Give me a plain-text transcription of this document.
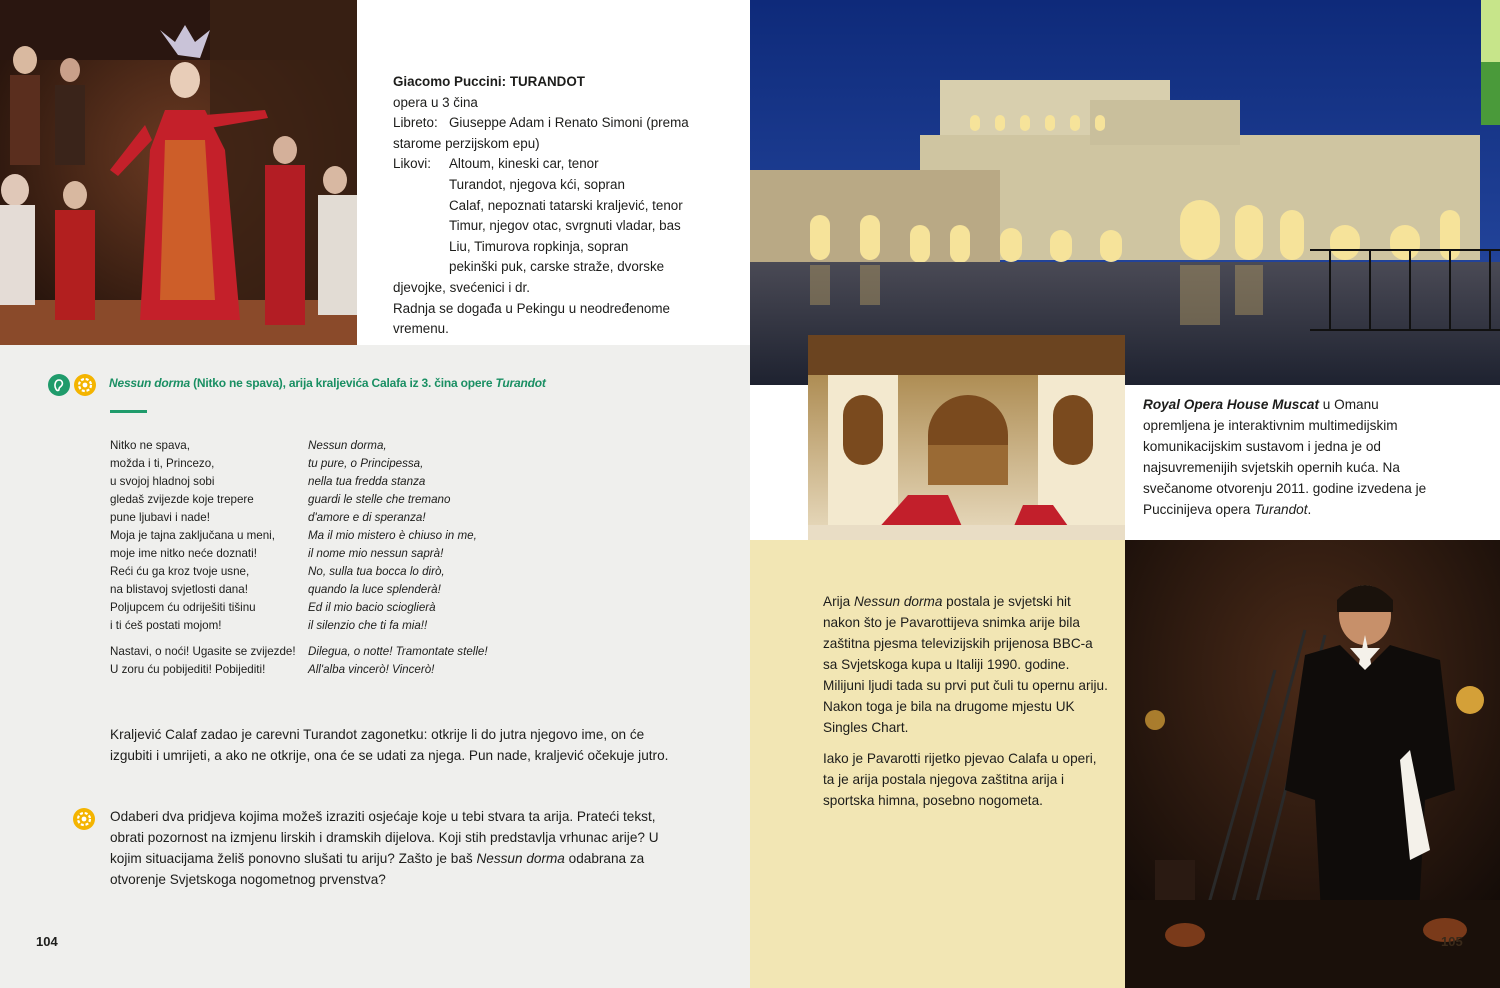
Giacomo Puccini: TURANDOT
opera u 3 čina
Libreto: Giuseppe Adam i Renato Simoni (prema
starome perzijskom epu)
Likovi:	Altoum, kineski car, tenor
Turandot, njegova kći, sopran
Calaf, nepoznati tatarski kraljević, tenor
Timur, njegov otac, svrgnuti vladar, bas
Liu, Timurova ropkinja, sopran
pekinški puk, carske straže, dvorske
djevojke, svećenici i dr.
Radnja se događa u Pekingu u neodređenome
vremenu.
Nessun dorma (Nitko ne spava), arija kraljevića Calafa iz 3. čina opere Turandot
Nitko ne spava,
možda i ti, Princezo,
u svojoj hladnoj sobi
gledaš zvijezde koje trepere
pune ljubavi i nade!
Moja je tajna zaključana u meni,
moje ime nitko neće doznati!
Reći ću ga kroz tvoje usne,
na blistavoj svjetlosti dana!
Poljupcem ću odriješiti tišinu
i ti ćeš postati mojom!
Nastavi, o noći! Ugasite se zvijezde!
U zoru ću pobijediti! Pobijediti!
Nessun dorma,
tu pure, o Principessa,
nella tua fredda stanza
guardi le stelle che tremano
d'amore e di speranza!
Ma il mio mistero è chiuso in me,
il nome mio nessun saprà!
No, sulla tua bocca lo dirò,
quando la luce splenderà!
Ed il mio bacio scioglierà
il silenzio che ti fa mia!!
Dilegua, o notte! Tramontate stelle!
All'alba vincerò! Vincerò!
Kraljević Calaf zadao je carevni Turandot zagonetku: otkrije li do jutra njegovo ime, on će izgubiti i umrijeti, a ako ne otkrije, ona će se udati za njega. Pun nade, kraljević očekuje jutro.
Odaberi dva pridjeva kojima možeš izraziti osjećaje koje u tebi stvara ta arija. Prateći tekst, obrati pozornost na izmjenu lirskih i dramskih dijelova. Koji stih predstavlja vrhunac arije? U kojim situacijama želiš ponovno slušati tu ariju? Zašto je baš Nessun dorma odabrana za otvorenje Svjetskoga nogometnog prvenstva?
104
Royal Opera House Muscat u Omanu opremljena je interaktivnim multimedijskim komunikacijskim sustavom i jedna je od najsuvremenijih svjetskih opernih kuća. Na svečanome otvorenju 2011. godine izvedena je Puccinijeva opera Turandot.

Arija Nessun dorma postala je svjetski hit nakon što je Pavarottijeva snimka arije bila zaštitna pjesma televizijskih prijenosa BBC-a sa Svjetskoga kupa u Italiji 1990. godine. Milijuni ljudi tada su prvi put čuli tu opernu ariju. Nakon toga je bila na drugome mjestu UK Singles Chart.

Iako je Pavarotti rijetko pjevao Calafa u operi, ta je arija postala njegova zaštitna arija i sportska himna, posebno nogometa.

105
